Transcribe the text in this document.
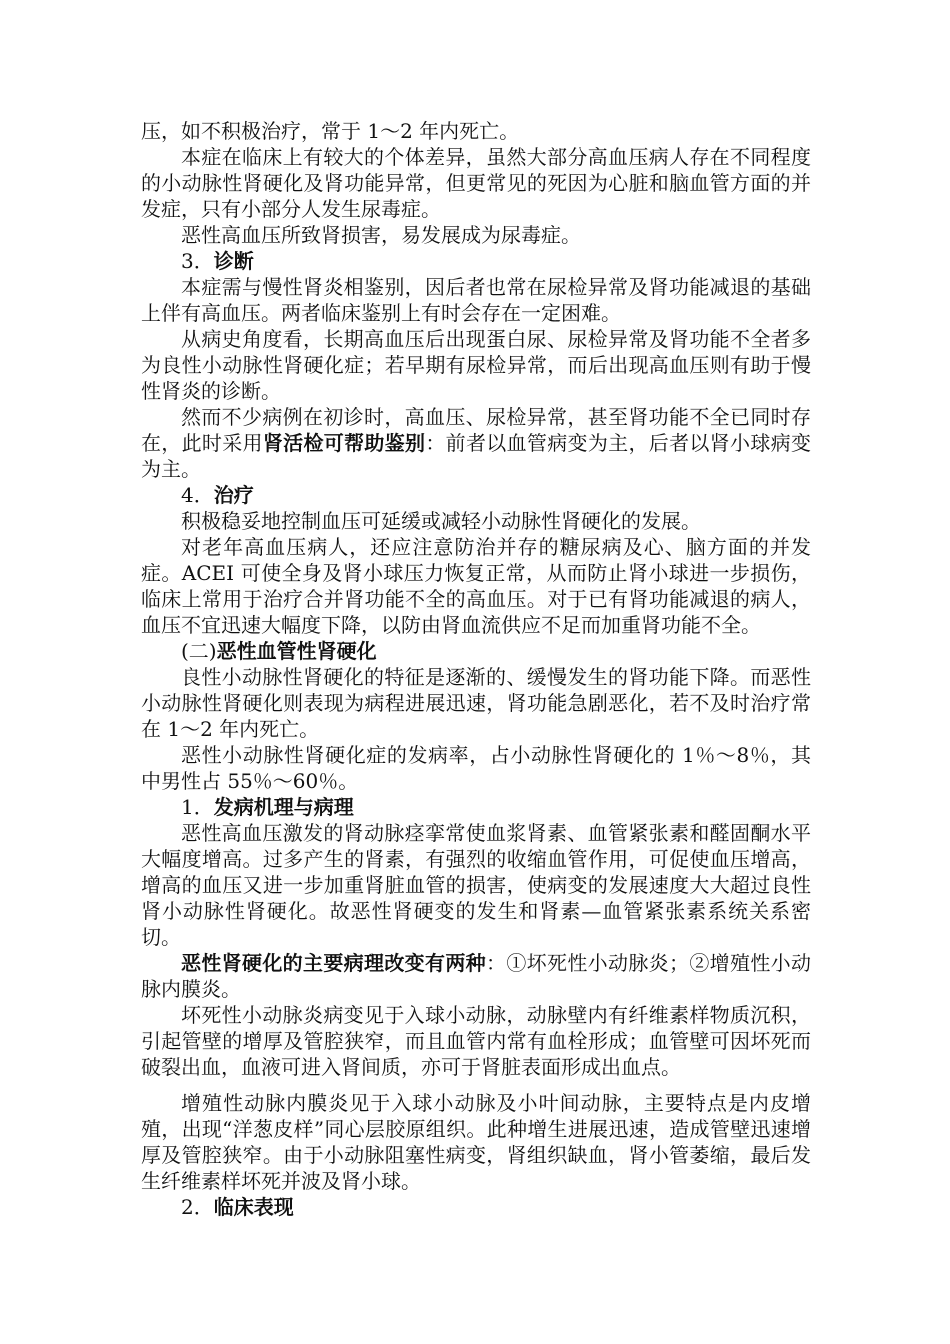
压，如不积极治疗，常于 1～2 年内死亡。

本症在临床上有较大的个体差异，虽然大部分高血压病人存在不同程度的小动脉性肾硬化及肾功能异常，但更常见的死因为心脏和脑血管方面的并发症，只有小部分人发生尿毒症。

恶性高血压所致肾损害，易发展成为尿毒症。

3．诊断

本症需与慢性肾炎相鉴别，因后者也常在尿检异常及肾功能减退的基础上伴有高血压。两者临床鉴别上有时会存在一定困难。

从病史角度看，长期高血压后出现蛋白尿、尿检异常及肾功能不全者多为良性小动脉性肾硬化症；若早期有尿检异常，而后出现高血压则有助于慢性肾炎的诊断。

然而不少病例在初诊时，高血压、尿检异常，甚至肾功能不全已同时存在，此时采用肾活检可帮助鉴别：前者以血管病变为主，后者以肾小球病变为主。

4．治疗

积极稳妥地控制血压可延缓或减轻小动脉性肾硬化的发展。

对老年高血压病人，还应注意防治并存的糖尿病及心、脑方面的并发症。ACEI 可使全身及肾小球压力恢复正常，从而防止肾小球进一步损伤，临床上常用于治疗合并肾功能不全的高血压。对于已有肾功能减退的病人，血压不宜迅速大幅度下降，以防由肾血流供应不足而加重肾功能不全。

(二)恶性血管性肾硬化

良性小动脉性肾硬化的特征是逐渐的、缓慢发生的肾功能下降。而恶性小动脉性肾硬化则表现为病程进展迅速，肾功能急剧恶化，若不及时治疗常在 1～2 年内死亡。

恶性小动脉性肾硬化症的发病率，占小动脉性肾硬化的 1％～8％，其中男性占 55％～60％。

1．发病机理与病理

恶性高血压激发的肾动脉痉挛常使血浆肾素、血管紧张素和醛固酮水平大幅度增高。过多产生的肾素，有强烈的收缩血管作用，可促使血压增高，增高的血压又进一步加重肾脏血管的损害，使病变的发展速度大大超过良性肾小动脉性肾硬化。故恶性肾硬变的发生和肾素—血管紧张素系统关系密切。

恶性肾硬化的主要病理改变有两种：①坏死性小动脉炎；②增殖性小动脉内膜炎。

坏死性小动脉炎病变见于入球小动脉，动脉壁内有纤维素样物质沉积，引起管壁的增厚及管腔狭窄，而且血管内常有血栓形成；血管壁可因坏死而破裂出血，血液可进入肾间质，亦可于肾脏表面形成出血点。

增殖性动脉内膜炎见于入球小动脉及小叶间动脉，主要特点是内皮增殖，出现“洋葱皮样”同心层胶原组织。此种增生进展迅速，造成管壁迅速增厚及管腔狭窄。由于小动脉阻塞性病变，肾组织缺血，肾小管萎缩，最后发生纤维素样坏死并波及肾小球。

2．临床表现
